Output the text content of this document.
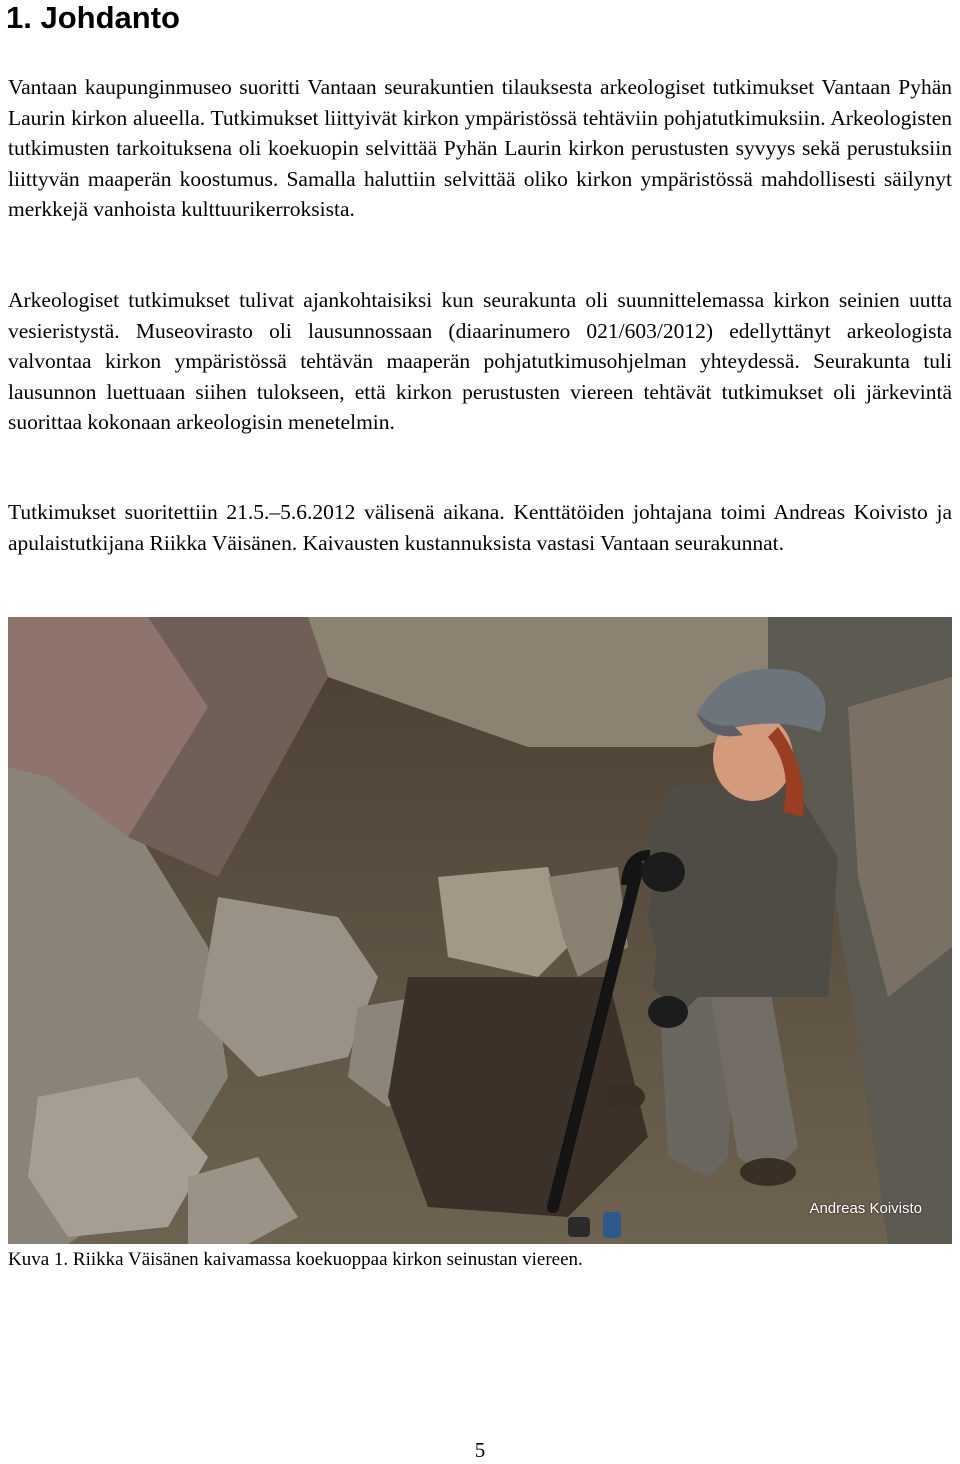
1. Johdanto

Vantaan kaupunginmuseo suoritti Vantaan seurakuntien tilauksesta arkeologiset tutkimukset Vantaan Pyhän Laurin kirkon alueella. Tutkimukset liittyivät kirkon ympäristössä tehtäviin pohjatutkimuksiin. Arkeologisten tutkimusten tarkoituksena oli koekuopin selvittää Pyhän Laurin kirkon perustusten syvyys sekä perustuksiin liittyvän maaperän koostumus. Samalla haluttiin selvittää oliko kirkon ympäristössä mahdollisesti säilynyt merkkejä vanhoista kulttuurikerroksista.

Arkeologiset tutkimukset tulivat ajankohtaisiksi kun seurakunta oli suunnittelemassa kirkon seinien uutta vesieristystä. Museovirasto oli lausunnossaan (diaarinumero 021/603/2012) edellyttänyt arkeologista valvontaa kirkon ympäristössä tehtävän maaperän pohjatutkimusohjelman yhteydessä. Seurakunta tuli lausunnon luettuaan siihen tulokseen, että kirkon perustusten viereen tehtävät tutkimukset oli järkevintä suorittaa kokonaan arkeologisin menetelmin.

Tutkimukset suoritettiin 21.5.–5.6.2012 välisenä aikana. Kenttätöiden johtajana toimi Andreas Koivisto ja apulaistutkijana Riikka Väisänen. Kaivausten kustannuksista vastasi Vantaan seurakunnat.

Andreas Koivisto

Kuva 1. Riikka Väisänen kaivamassa koekuoppaa kirkon seinustan viereen.

5
